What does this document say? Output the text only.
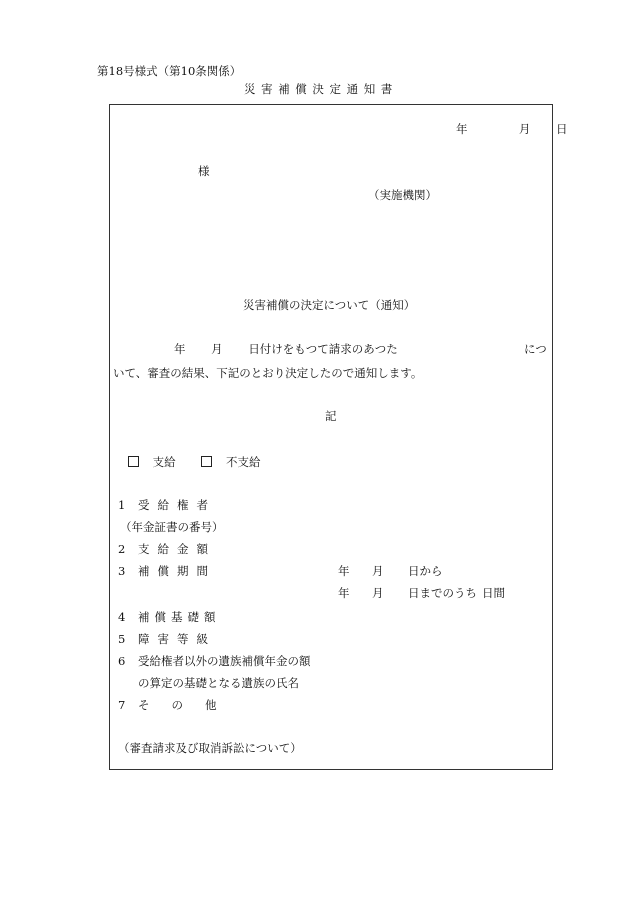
第18号様式（第10条関係）
災害補償決定通知書
年	月 日
様
（実施機関）
災害補償の決定について（通知）
年 月 日付けをもつて請求のあつた	につ
いて、審査の結果、下記のとおり決定したので通知します。
記
支給	不支給
1 受給権者
（年金証書の番号）
2 支給金額
3 補償期間	年 月 日から
年 月 日までのうち 日間
4 補償基礎額
5 障害等級
6 受給権者以外の遺族補償年金の額
の算定の基礎となる遺族の氏名
7 その他
（審査請求及び取消訴訟について）
